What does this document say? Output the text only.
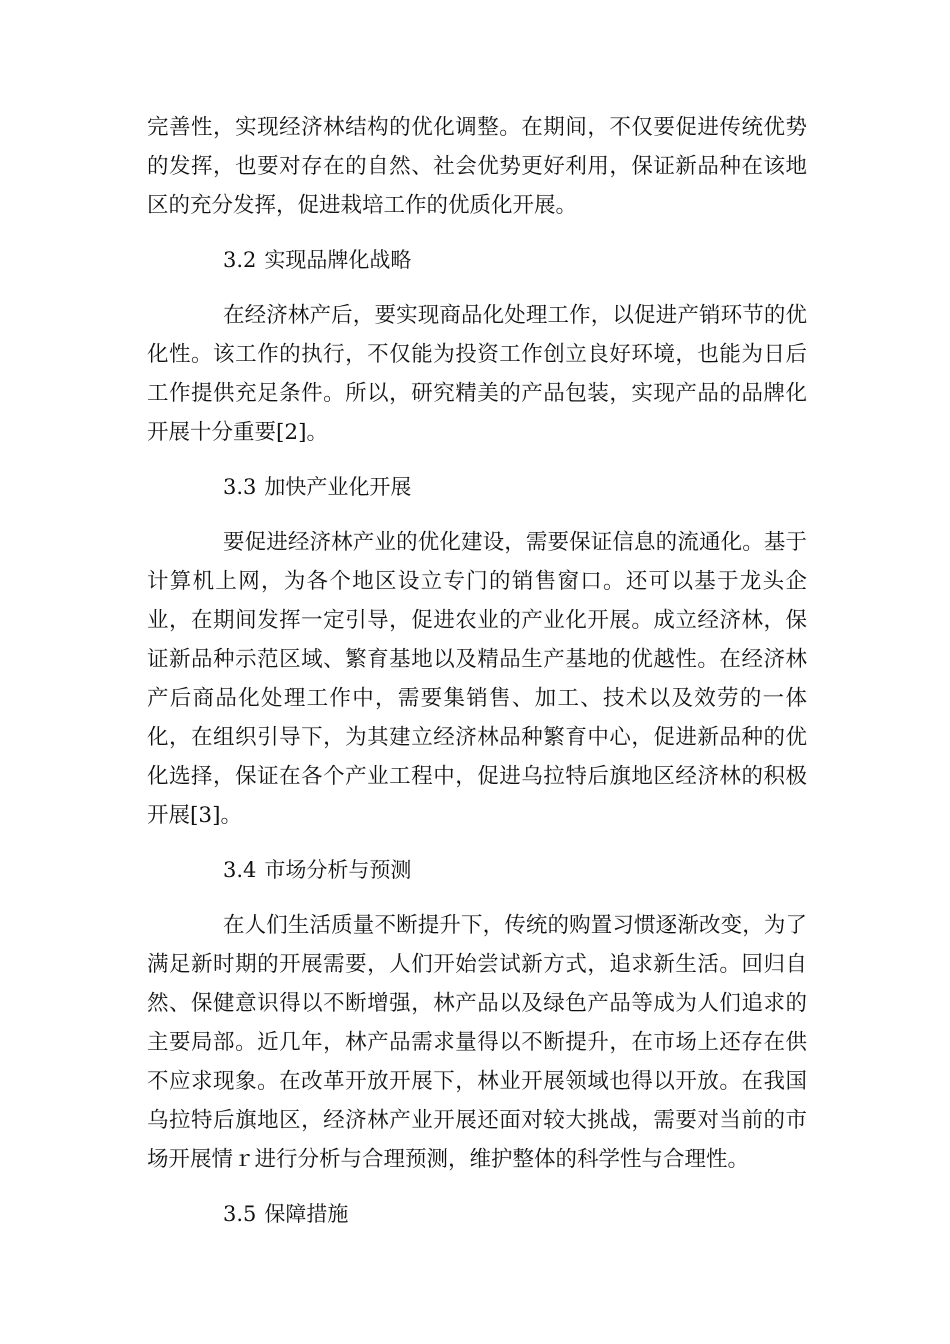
完善性，实现经济林结构的优化调整。在期间，不仅要促进传统优势的发挥，也要对存在的自然、社会优势更好利用，保证新品种在该地区的充分发挥，促进栽培工作的优质化开展。

3.2 实现品牌化战略

在经济林产后，要实现商品化处理工作，以促进产销环节的优化性。该工作的执行，不仅能为投资工作创立良好环境，也能为日后工作提供充足条件。所以，研究精美的产品包装，实现产品的品牌化开展十分重要[2]。

3.3 加快产业化开展

要促进经济林产业的优化建设，需要保证信息的流通化。基于计算机上网，为各个地区设立专门的销售窗口。还可以基于龙头企业，在期间发挥一定引导，促进农业的产业化开展。成立经济林，保证新品种示范区域、繁育基地以及精品生产基地的优越性。在经济林产后商品化处理工作中，需要集销售、加工、技术以及效劳的一体化，在组织引导下，为其建立经济林品种繁育中心，促进新品种的优化选择，保证在各个产业工程中，促进乌拉特后旗地区经济林的积极开展[3]。

3.4 市场分析与预测

在人们生活质量不断提升下，传统的购置习惯逐渐改变，为了满足新时期的开展需要，人们开始尝试新方式，追求新生活。回归自然、保健意识得以不断增强，林产品以及绿色产品等成为人们追求的主要局部。近几年，林产品需求量得以不断提升，在市场上还存在供不应求现象。在改革开放开展下，林业开展领域也得以开放。在我国乌拉特后旗地区，经济林产业开展还面对较大挑战，需要对当前的市场开展情ｒ进行分析与合理预测，维护整体的科学性与合理性。

3.5 保障措施
